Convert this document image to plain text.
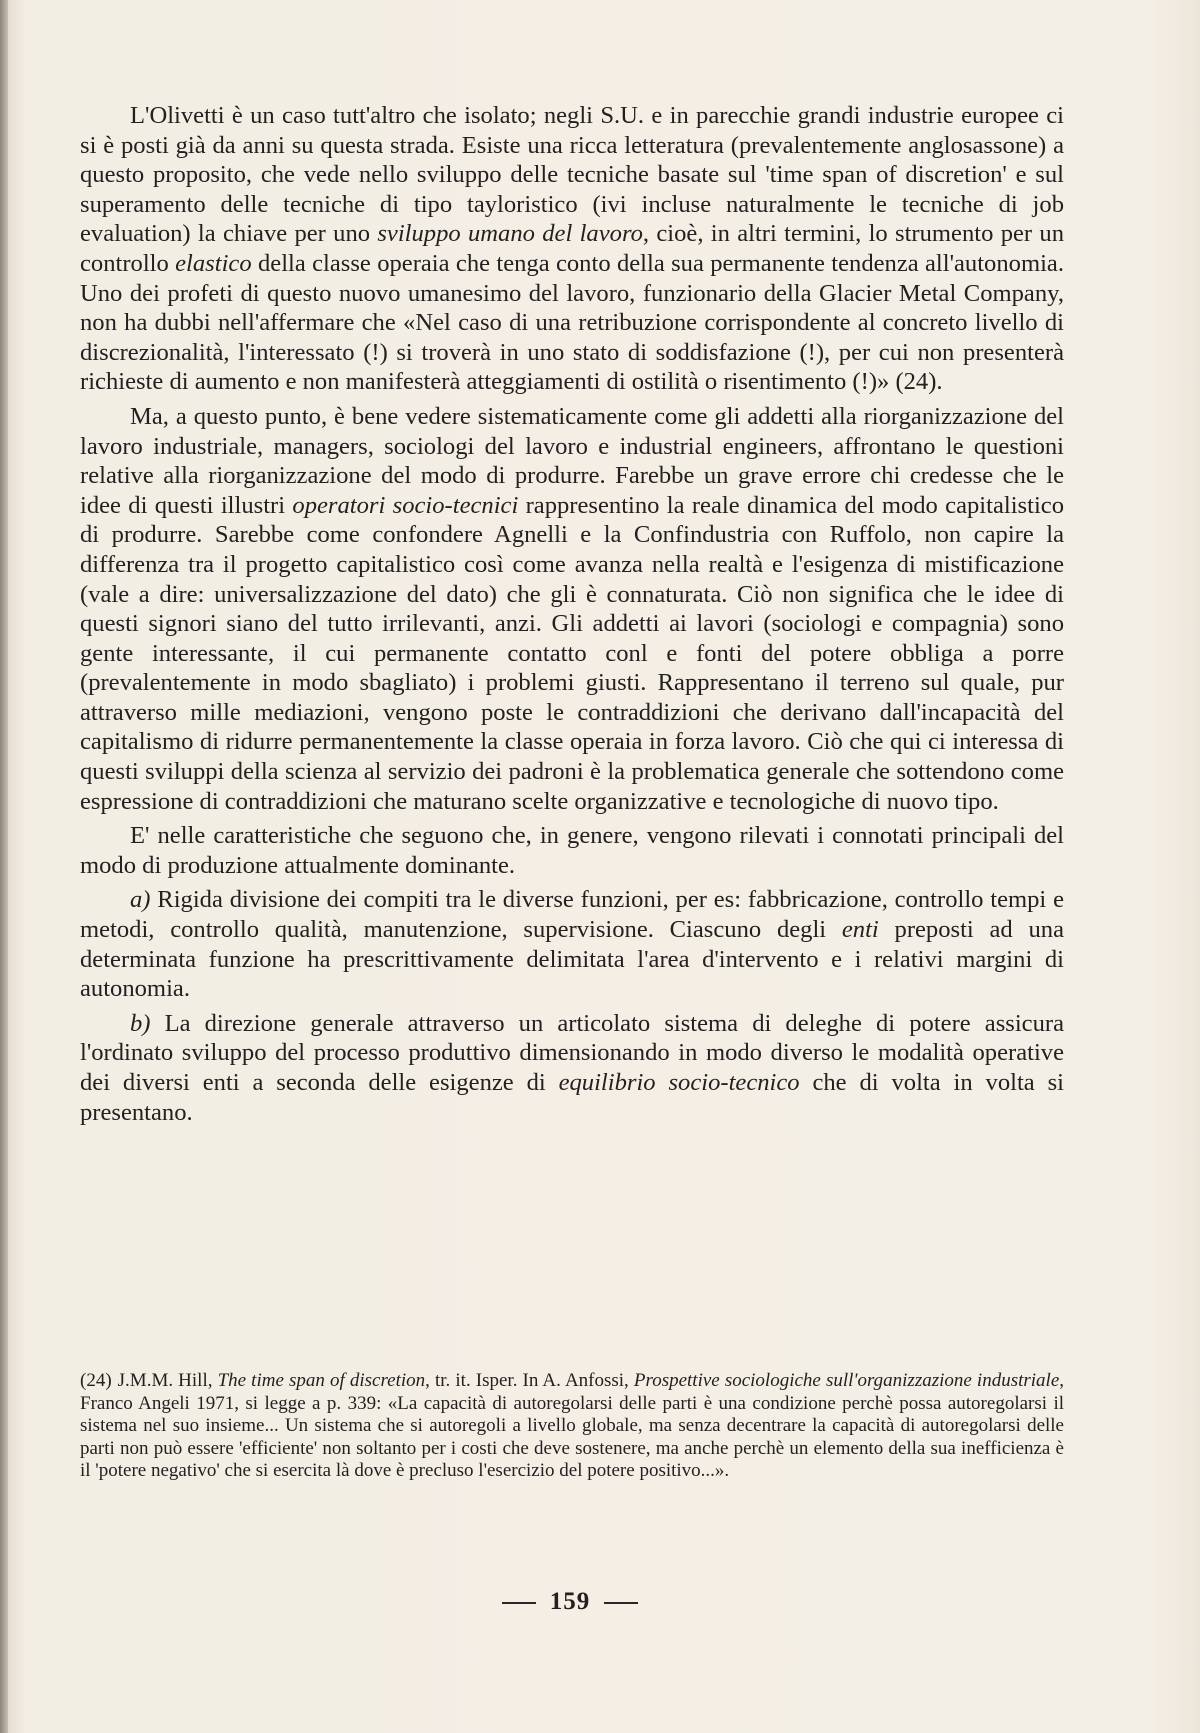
L'Olivetti è un caso tutt'altro che isolato; negli S.U. e in parecchie grandi industrie europee ci si è posti già da anni su questa strada. Esiste una ricca letteratura (prevalentemente anglosassone) a questo proposito, che vede nello sviluppo delle tecniche basate sul 'time span of discretion' e sul superamento delle tecniche di tipo tayloristico (ivi incluse naturalmente le tecniche di job evaluation) la chiave per uno sviluppo umano del lavoro, cioè, in altri termini, lo strumento per un controllo elastico della classe operaia che tenga conto della sua permanente tendenza all'autonomia. Uno dei profeti di questo nuovo umanesimo del lavoro, funzionario della Glacier Metal Company, non ha dubbi nell'affermare che «Nel caso di una retribuzione corrispondente al concreto livello di discrezionalità, l'interessato (!) si troverà in uno stato di soddisfazione (!), per cui non presenterà richieste di aumento e non manifesterà atteggiamenti di ostilità o risentimento (!)» (24).

Ma, a questo punto, è bene vedere sistematicamente come gli addetti alla riorganizzazione del lavoro industriale, managers, sociologi del lavoro e industrial engineers, affrontano le questioni relative alla riorganizzazione del modo di produrre. Farebbe un grave errore chi credesse che le idee di questi illustri operatori socio-tecnici rappresentino la reale dinamica del modo capitalistico di produrre. Sarebbe come confondere Agnelli e la Confindustria con Ruffolo, non capire la differenza tra il progetto capitalistico così come avanza nella realtà e l'esigenza di mistificazione (vale a dire: universalizzazione del dato) che gli è connaturata. Ciò non significa che le idee di questi signori siano del tutto irrilevanti, anzi. Gli addetti ai lavori (sociologi e compagnia) sono gente interessante, il cui permanente contatto conl e fonti del potere obbliga a porre (prevalentemente in modo sbagliato) i problemi giusti. Rappresentano il terreno sul quale, pur attraverso mille mediazioni, vengono poste le contraddizioni che derivano dall'incapacità del capitalismo di ridurre permanentemente la classe operaia in forza lavoro. Ciò che qui ci interessa di questi sviluppi della scienza al servizio dei padroni è la problematica generale che sottendono come espressione di contraddizioni che maturano scelte organizzative e tecnologiche di nuovo tipo.

E' nelle caratteristiche che seguono che, in genere, vengono rilevati i connotati principali del modo di produzione attualmente dominante.

a) Rigida divisione dei compiti tra le diverse funzioni, per es: fabbricazione, controllo tempi e metodi, controllo qualità, manutenzione, supervisione. Ciascuno degli enti preposti ad una determinata funzione ha prescrittivamente delimitata l'area d'intervento e i relativi margini di autonomia.

b) La direzione generale attraverso un articolato sistema di deleghe di potere assicura l'ordinato sviluppo del processo produttivo dimensionando in modo diverso le modalità operative dei diversi enti a seconda delle esigenze di equilibrio socio-tecnico che di volta in volta si presentano.

(24) J.M.M. Hill, The time span of discretion, tr. it. Isper. In A. Anfossi, Prospettive sociologiche sull'organizzazione industriale, Franco Angeli 1971, si legge a p. 339: «La capacità di autoregolarsi delle parti è una condizione perchè possa autoregolarsi il sistema nel suo insieme... Un sistema che si autoregoli a livello globale, ma senza decentrare la capacità di autoregolarsi delle parti non può essere 'efficiente' non soltanto per i costi che deve sostenere, ma anche perchè un elemento della sua inefficienza è il 'potere negativo' che si esercita là dove è precluso l'esercizio del potere positivo...».

159
